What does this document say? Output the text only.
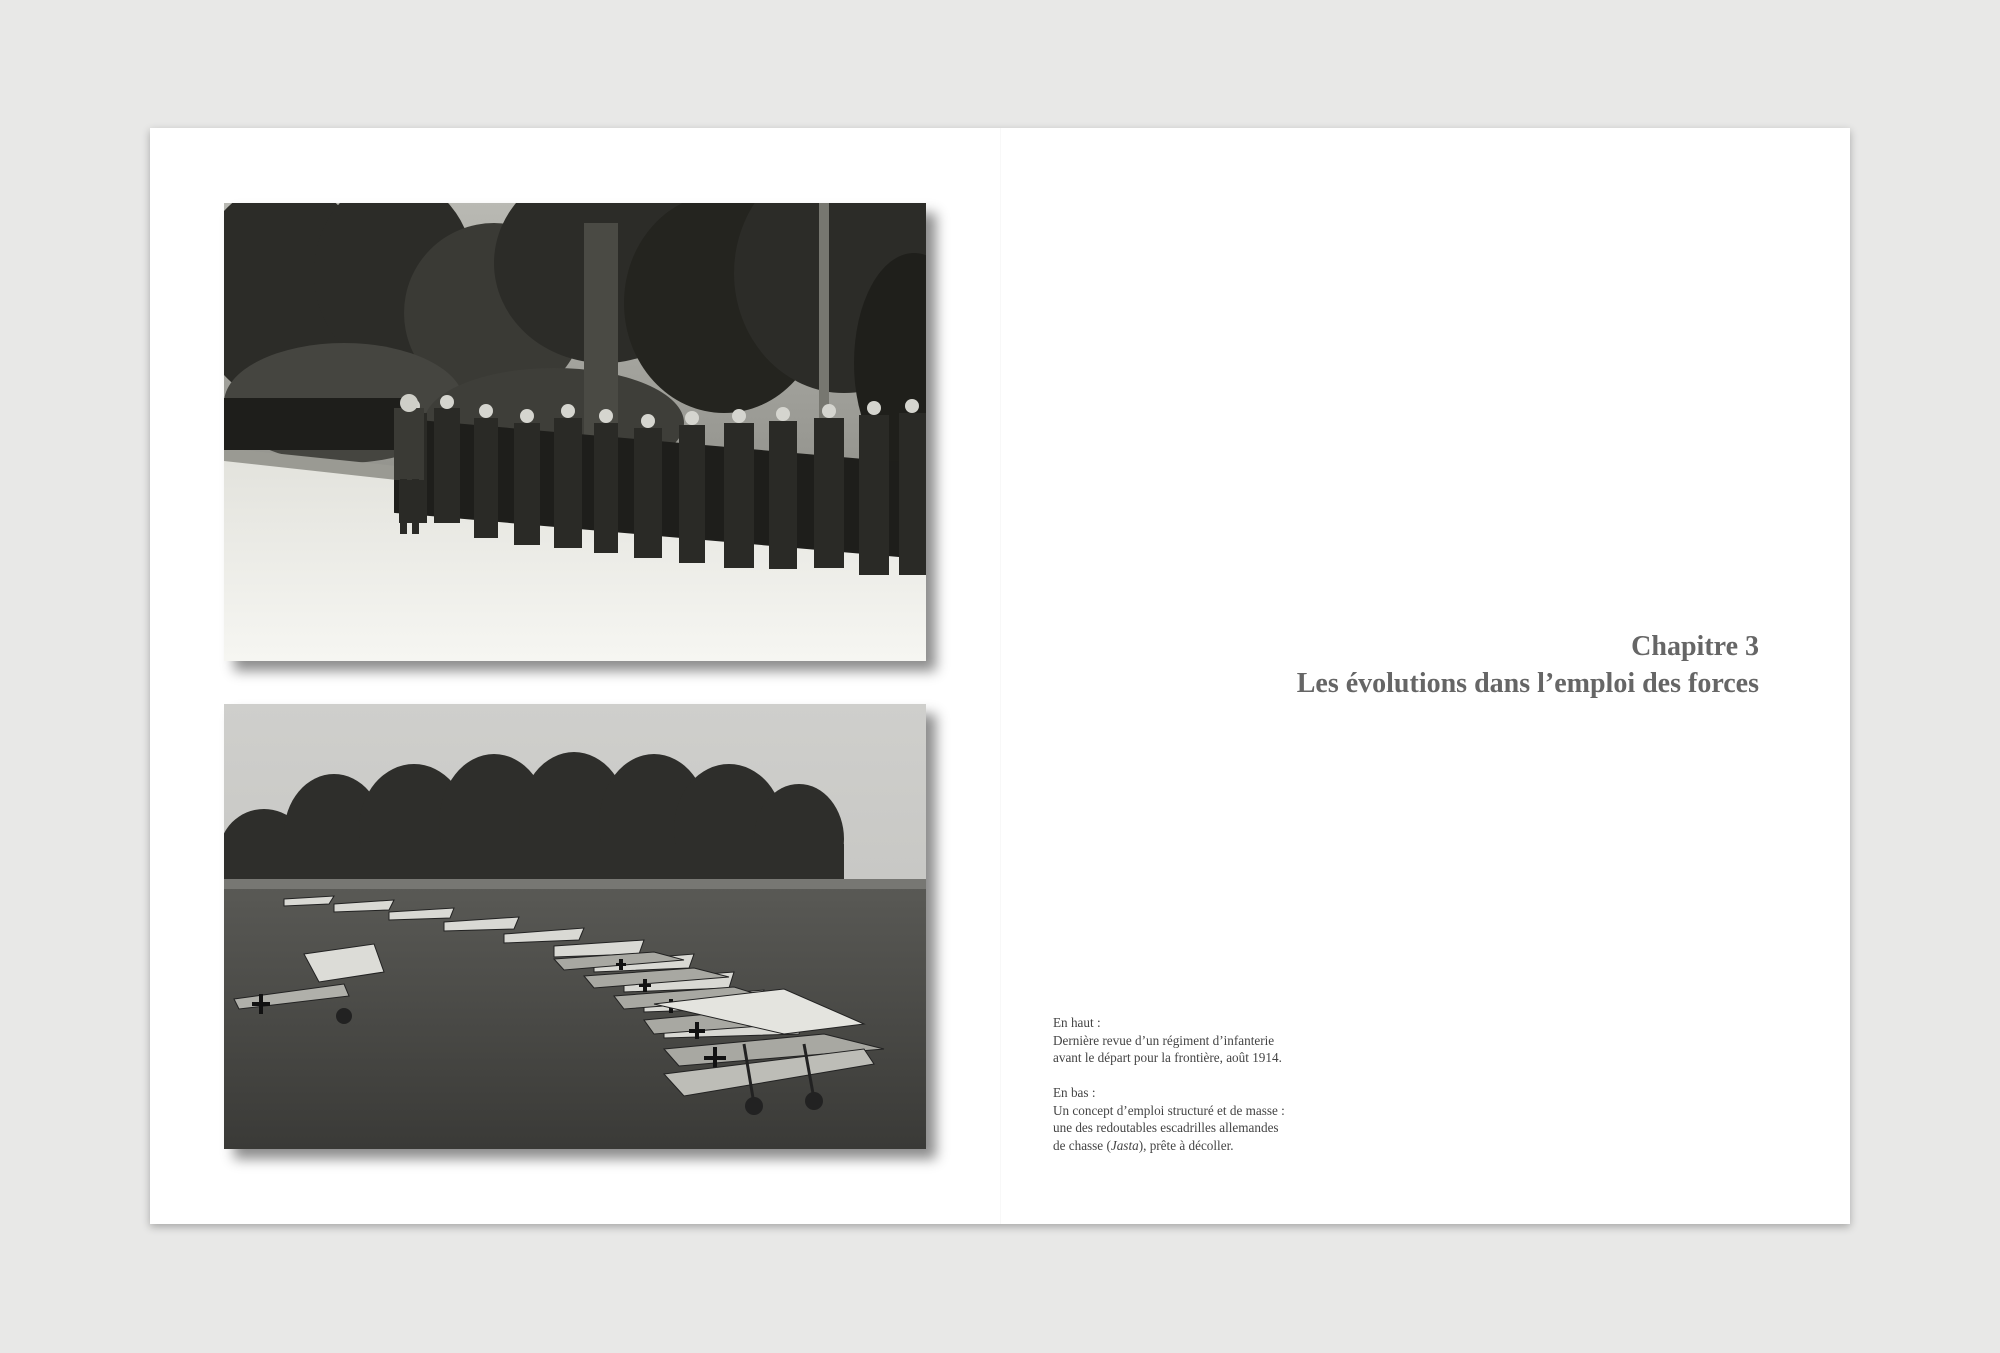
Chapitre 3
Les évolutions dans l’emploi des forces
En haut :
Dernière revue d’un régiment d’infanterie
avant le départ pour la frontière, août 1914.
En bas :
Un concept d’emploi structuré et de masse :
une des redoutables escadrilles allemandes
de chasse (Jasta), prête à décoller.
